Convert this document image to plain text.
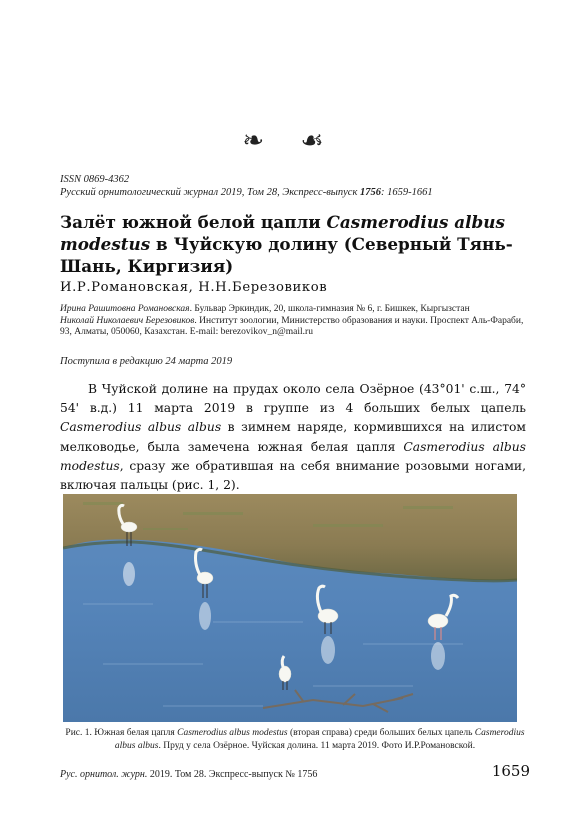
❧ ☙
ISSN 0869-4362
Русский орнитологический журнал 2019, Том 28, Экспресс-выпуск 1756: 1659-1661
Залёт южной белой цапли Casmerodius albus modestus в Чуйскую долину (Северный Тянь-Шань, Киргизия)
И.Р.Романовская, Н.Н.Березовиков
Ирина Рашитовна Романовская. Бульвар Эркиндик, 20, школа-гимназия № 6, г. Бишкек, Кыргызстан
Николай Николаевич Березовиков. Институт зоологии, Министерство образования и науки. Проспект Аль-Фараби, 93, Алматы, 050060, Казахстан. E-mail: berezovikov_n@mail.ru
Поступила в редакцию 24 марта 2019
В Чуйской долине на прудах около села Озёрное (43°01' с.ш., 74° 54' в.д.) 11 марта 2019 в группе из 4 больших белых цапель Casmerodius albus albus в зимнем наряде, кормившихся на илистом мелководье, была замечена южная белая цапля Casmerodius albus modestus, сразу же обратившая на себя внимание розовыми ногами, включая пальцы (рис. 1, 2).
Рис. 1. Южная белая цапля Casmerodius albus modestus (вторая справа) среди больших белых цапель Casmerodius albus albus. Пруд у села Озёрное. Чуйская долина. 11 марта 2019. Фото И.Р.Романовской.
Рус. орнитол. журн. 2019. Том 28. Экспресс-выпуск № 1756	1659
